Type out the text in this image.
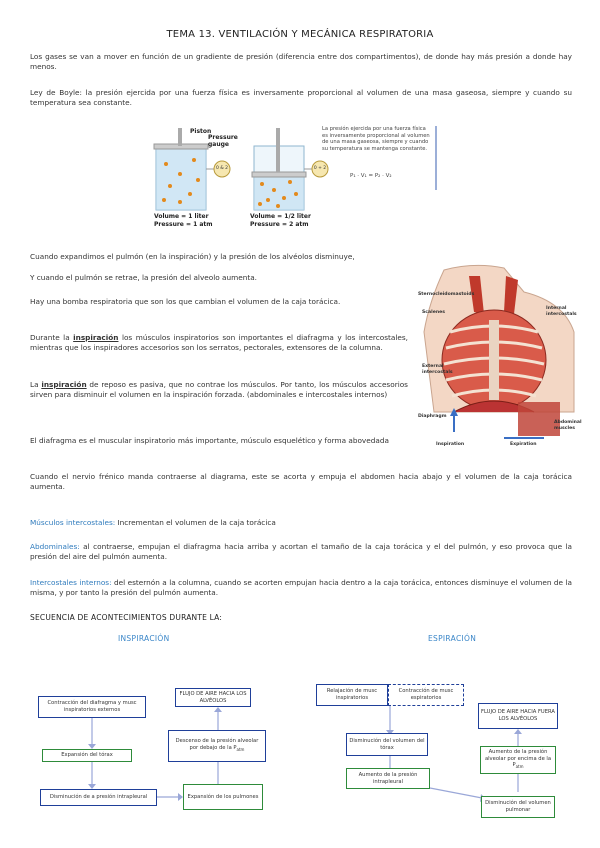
TEMA 13. VENTILACIÓN Y MECÁNICA RESPIRATORIA

Los gases se van a mover en función de un gradiente de presión (diferencia entre dos compartimentos), de donde hay más presión a donde hay menos.

Ley de Boyle: la presión ejercida por una fuerza física es inversamente proporcional al volumen de una masa gaseosa, siempre y cuando su temperatura sea constante.

Piston
Pressure gauge
0 & 2	0 + 2
Volume = 1 liter
Pressure = 1 atm
Volume = 1/2 liter
Pressure = 2 atm
La presión ejercida por una fuerza física es inversamente proporcional al volumen de una masa gaseosa, siempre y cuando su temperatura se mantenga constante.
P₁ · V₁ = P₂ · V₂

Cuando expandimos el pulmón (en la inspiración) y la presión de los alvéolos disminuye,

Y cuando el pulmón se retrae, la presión del alveolo aumenta.

Hay una bomba respiratoria que son los que cambian el volumen de la caja torácica.

Durante la inspiración los músculos inspiratorios son importantes el diafragma y los intercostales, mientras que los inspiradores accesorios son los serratos, pectorales, extensores de la columna.

La inspiración de reposo es pasiva, que no contrae los músculos. Por tanto, los músculos accesorios sirven para disminuir el volumen en la inspiración forzada. (abdominales e intercostales internos)

El diafragma es el muscular inspiratorio más importante, músculo esquelético y forma abovedada

Sternocleidomastoids
Scalenes
Internal intercostals
External intercostals
Diaphragm
Abdominal muscles
Inspiration	Expiration

Cuando el nervio frénico manda contraerse al diagrama, este se acorta y empuja el abdomen hacia abajo y el volumen de la caja torácica aumenta.

Músculos intercostales: Incrementan el volumen de la caja torácica

Abdominales: al contraerse, empujan el diafragma hacia arriba y acortan el tamaño de la caja torácica y el del pulmón, y eso provoca que la presión del aire del pulmón aumenta.

Intercostales internos: del esternón a la columna, cuando se acorten empujan hacia dentro a la caja torácica, entonces disminuye el volumen de la misma, y por tanto la presión del pulmón aumenta.

SECUENCIA DE ACONTECIMIENTOS DURANTE LA:
INSPIRACIÓN	ESPIRACIÓN
Contracción del diafragma y musc inspiratorios externos
Expansión del tórax
Disminución de a presión intrapleural	Expansión de los pulmones
Descenso de la presión alveolar por debajo de la $P_{atm}$
FLUJO DE AIRE HACIA LOS ALVÉOLOS
Relajación de musc inspiratorios
Contracción de musc espiratorios
Disminución del volumen del tórax
Aumento de la presión intrapleural
Disminución del volumen pulmonar
Aumento de la presión alveolar por encima de la $P_{atm}$
FLUJO DE AIRE HACIA FUERA LOS ALVÉOLOS
